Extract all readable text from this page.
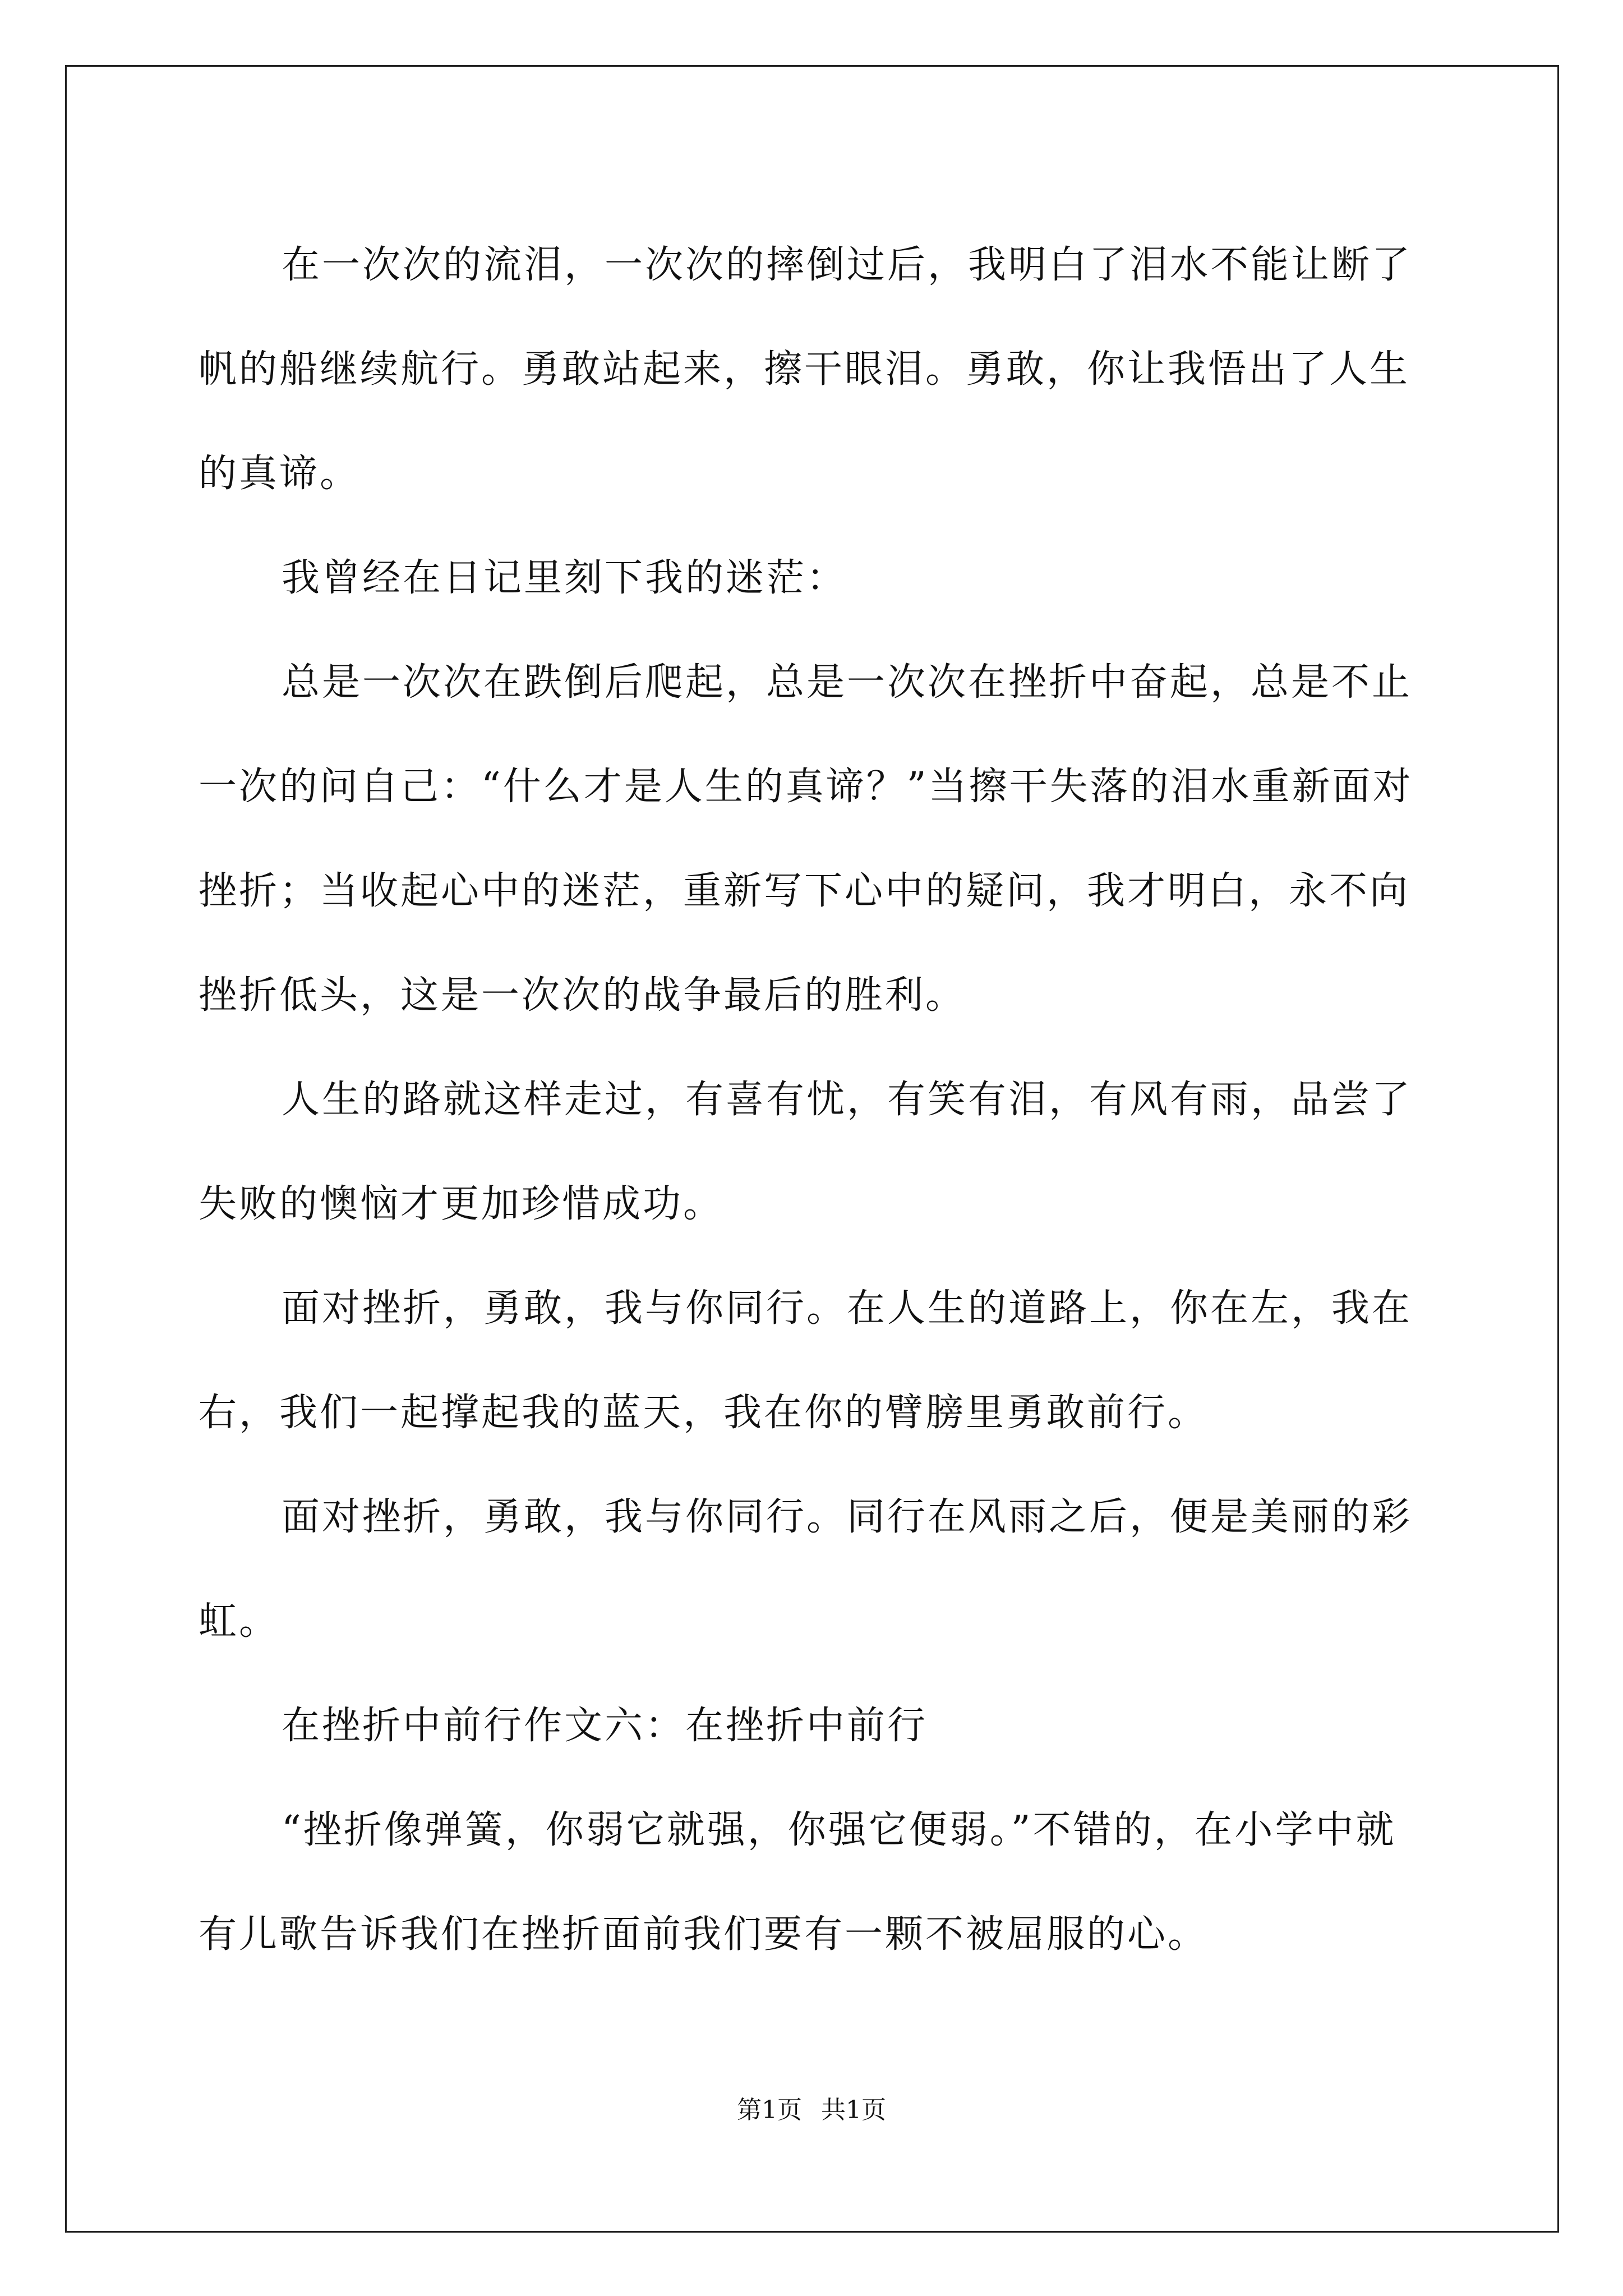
在一次次的流泪，一次次的摔倒过后，我明白了泪水不能让断了帆的船继续航行。勇敢站起来，擦干眼泪。勇敢，你让我悟出了人生的真谛。

我曾经在日记里刻下我的迷茫：

总是一次次在跌倒后爬起，总是一次次在挫折中奋起，总是不止一次的问自己：“什么才是人生的真谛？”当擦干失落的泪水重新面对挫折；当收起心中的迷茫，重新写下心中的疑问，我才明白，永不向挫折低头，这是一次次的战争最后的胜利。

人生的路就这样走过，有喜有忧，有笑有泪，有风有雨，品尝了失败的懊恼才更加珍惜成功。

面对挫折，勇敢，我与你同行。在人生的道路上，你在左，我在右，我们一起撑起我的蓝天，我在你的臂膀里勇敢前行。

面对挫折，勇敢，我与你同行。同行在风雨之后，便是美丽的彩虹。

在挫折中前行作文六：在挫折中前行

“挫折像弹簧，你弱它就强，你强它便弱。”不错的，在小学中就有儿歌告诉我们在挫折面前我们要有一颗不被屈服的心。

第1页 共1页
